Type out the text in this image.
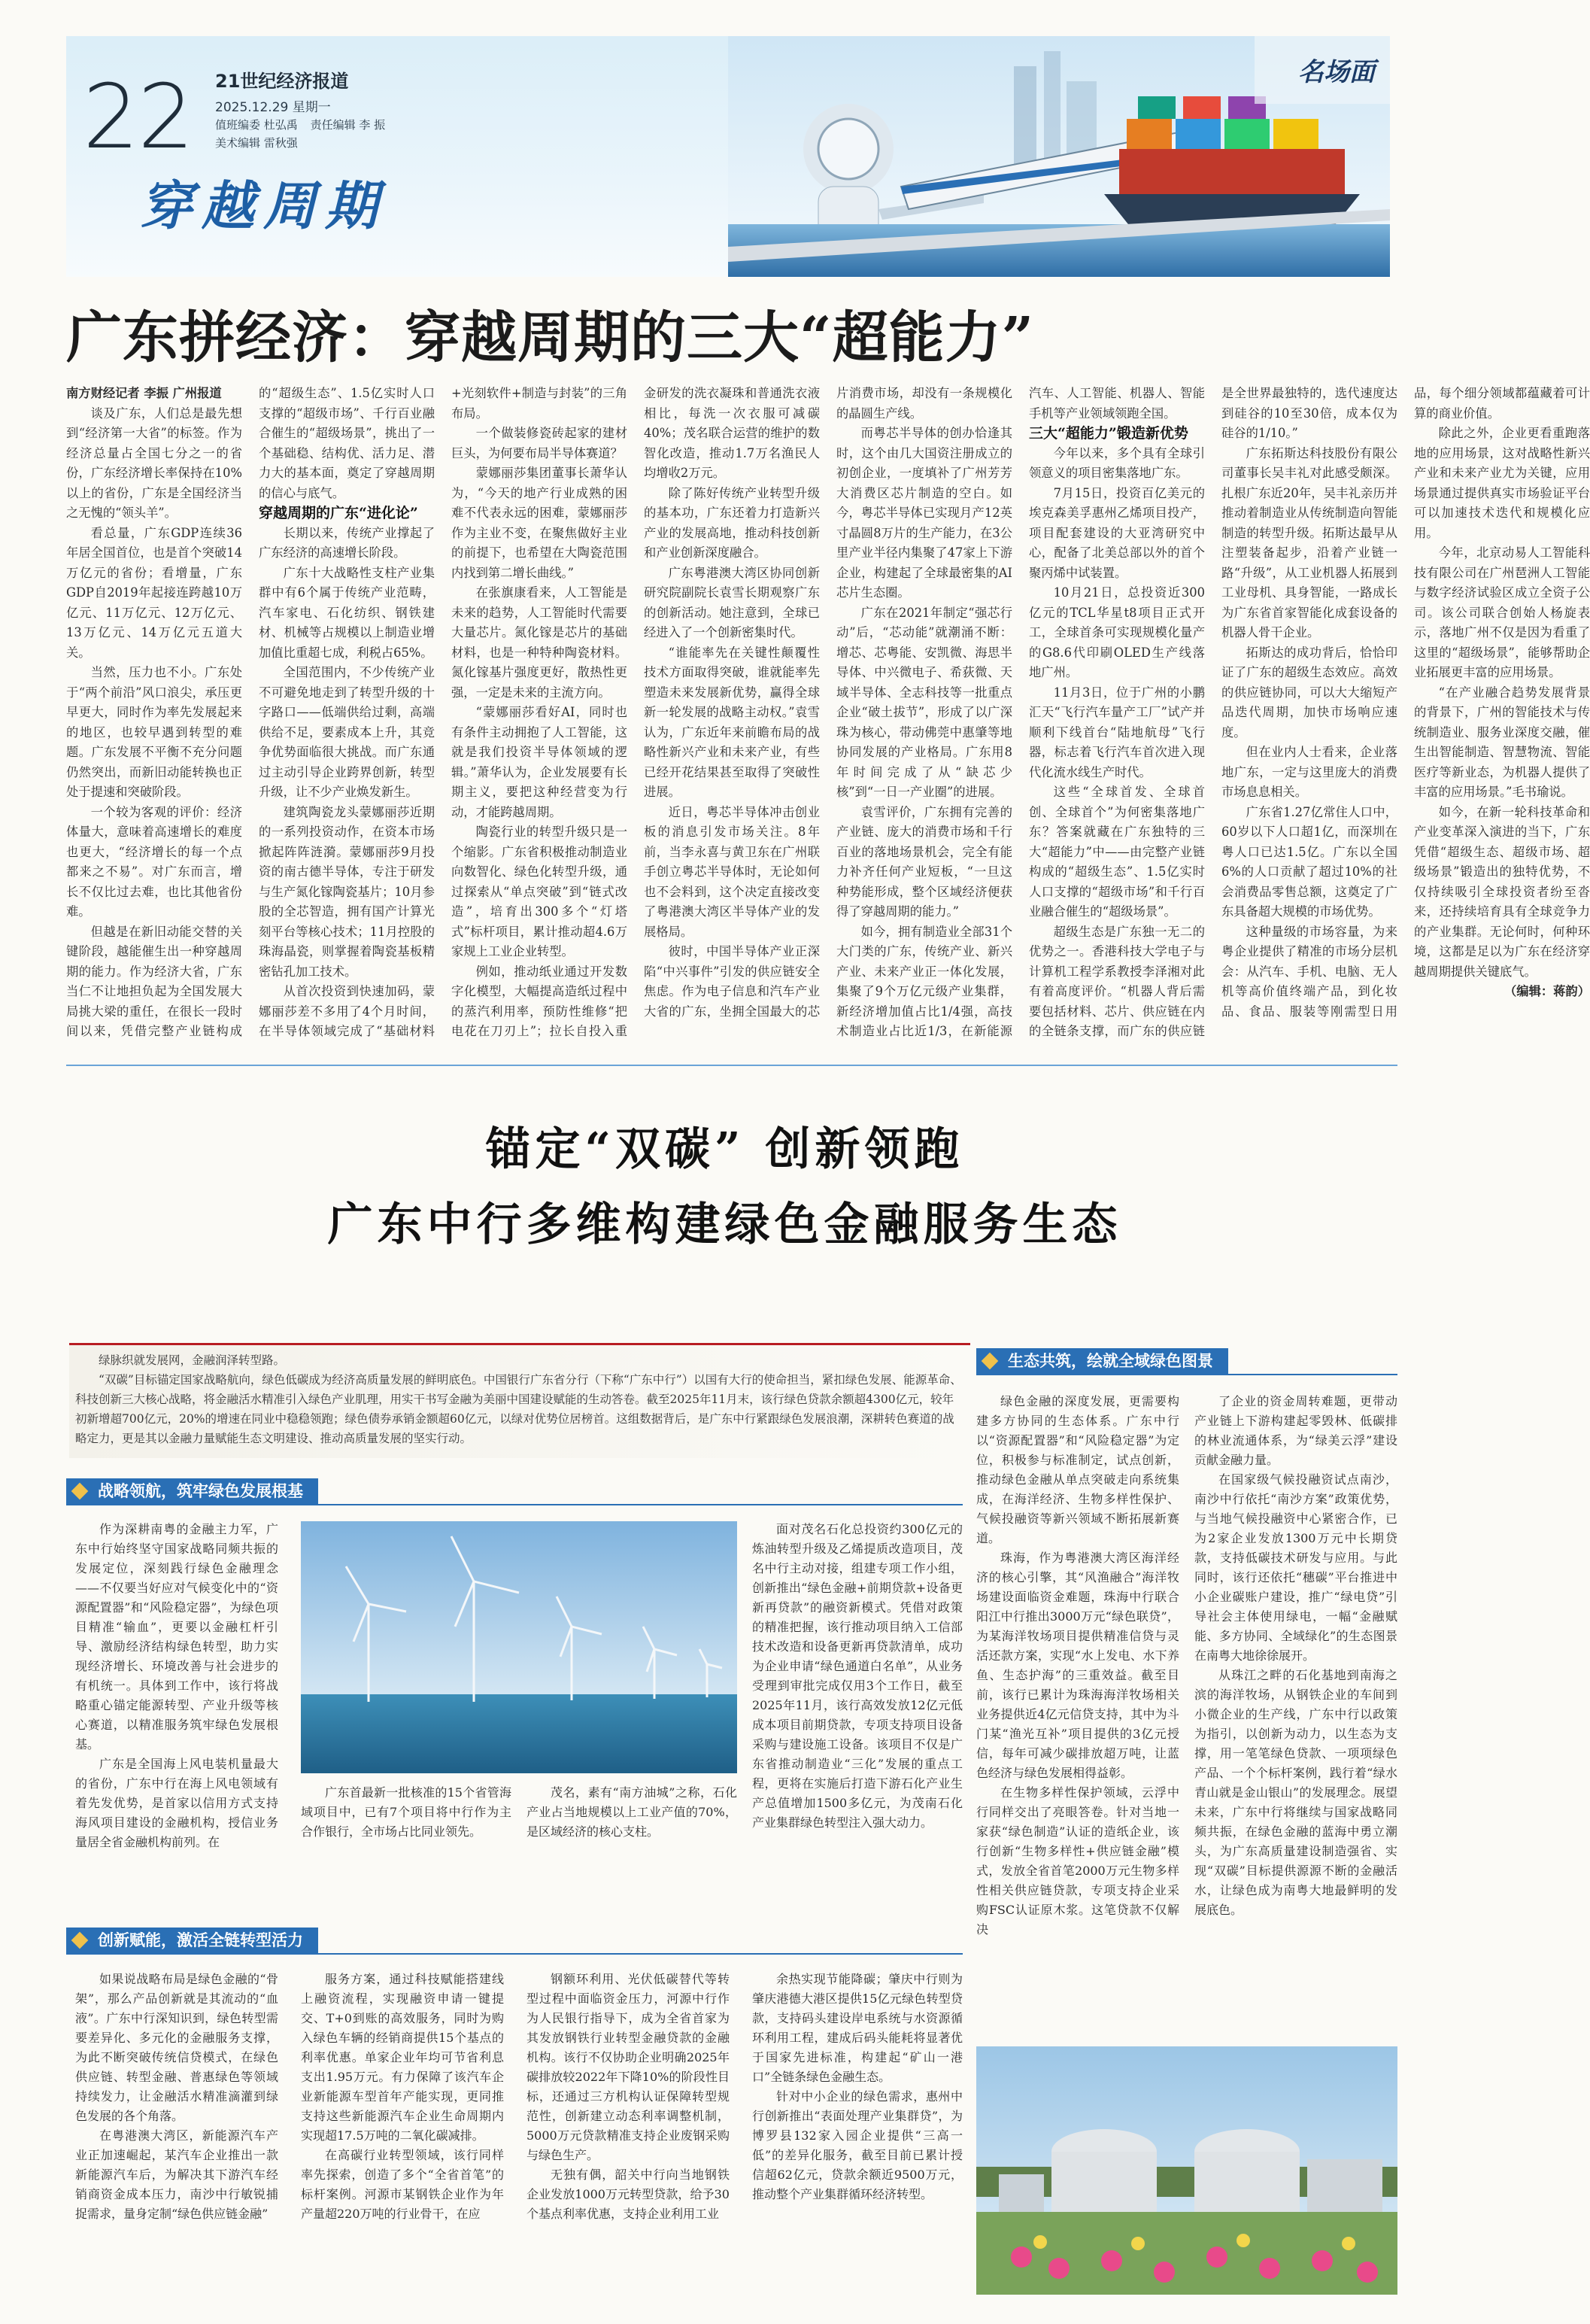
22 21世纪经济报道
2025.12.29 星期一
值班编委 杜弘禹 责任编辑 李 振
美术编辑 雷秋强
穿越周期
名场面
广东拼经济：穿越周期的三大“超能力”

南方财经记者 李振 广州报道

谈及广东，人们总是最先想到“经济第一大省”的标签。作为经济总量占全国七分之一的省份，广东经济增长率保持在10%以上的省份，广东是全国经济当之无愧的“领头羊”。

看总量，广东GDP连续36年居全国首位，也是首个突破14万亿元的省份；看增量，广东GDP自2019年起接连跨越10万亿元、11万亿元、12万亿元、13万亿元、14万亿元五道大关。

当然，压力也不小。广东处于“两个前沿”风口浪尖，承压更早更大，同时作为率先发展起来的地区，也较早遇到转型的难题。广东发展不平衡不充分问题仍然突出，而新旧动能转换也正处于提速和突破阶段。

一个较为客观的评价：经济体量大，意味着高速增长的难度也更大，“经济增长的每一个点都来之不易”。对广东而言，增长不仅比过去难，也比其他省份难。

但越是在新旧动能交替的关键阶段，越能催生出一种穿越周期的能力。作为经济大省，广东当仁不让地担负起为全国发展大局挑大梁的重任，在很长一段时间以来，凭借完整产业链构成的“超级生态”、1.5亿实时人口支撑的“超级市场”、千行百业融合催生的“超级场景”，挑出了一个基础稳、结构优、活力足、潜力大的基本面，奠定了穿越周期的信心与底气。

穿越周期的广东“进化论”

长期以来，传统产业撑起了广东经济的高速增长阶段。

广东十大战略性支柱产业集群中有6个属于传统产业范畴，汽车家电、石化纺织、钢铁建材、机械等占规模以上制造业增加值比重超七成，利税占65%。

全国范围内，不少传统产业不可避免地走到了转型升级的十字路口——低端供给过剩，高端供给不足，要素成本上升，其竞争优势面临很大挑战。而广东通过主动引导企业跨界创新，转型升级，让不少产业焕发新生。

建筑陶瓷龙头蒙娜丽莎近期的一系列投资动作，在资本市场掀起阵阵涟漪。蒙娜丽莎9月投资的南古德半导体，专注于研发与生产氮化镓陶瓷基片；10月参股的全芯智造，拥有国产计算光刻平台等核心技术；11月控股的珠海晶瓷，则掌握着陶瓷基板精密钻孔加工技术。

从首次投资到快速加码，蒙娜丽莎差不多用了4个月时间，在半导体领域完成了“基础材料+光刻软件+制造与封装”的三角布局。

一个做装修瓷砖起家的建材巨头，为何要布局半导体赛道？

蒙娜丽莎集团董事长萧华认为，“今天的地产行业成熟的困难不代表永远的困难，蒙娜丽莎作为主业不变，在聚焦做好主业的前提下，也希望在大陶瓷范围内找到第二增长曲线。”

在张旗康看来，人工智能是未来的趋势，人工智能时代需要大量芯片。氮化镓是芯片的基础材料，也是一种特种陶瓷材料。氮化镓基片强度更好，散热性更强，一定是未来的主流方向。

“蒙娜丽莎看好AI，同时也有条件主动拥抱了人工智能，这就是我们投资半导体领域的逻辑。”萧华认为，企业发展要有长期主义，要把这种经营变为行动，才能跨越周期。

陶瓷行业的转型升级只是一个缩影。广东省积极推动制造业向数智化、绿色化转型升级，通过探索从“单点突破”到“链式改造”，培育出300多个“灯塔式”标杆项目，累计推动超4.6万家规上工业企业转型。

例如，推动纸业通过开发数字化模型，大幅提高造纸过程中的蒸汽利用率，预防性维修“把电花在刀刃上”；拉长自投入重金研发的洗衣凝珠和普通洗衣液相比，每洗一次衣服可减碳40%；茂名联合运营的维护的数智化改造，推动1.7万名渔民人均增收2万元。

除了陈好传统产业转型升级的基本功，广东还着力打造新兴产业的发展高地，推动科技创新和产业创新深度融合。

广东粤港澳大湾区协同创新研究院副院长袁雪长期观察广东的创新活动。她注意到，全球已经进入了一个创新密集时代。

“谁能率先在关键性颠覆性技术方面取得突破，谁就能率先塑造未来发展新优势，赢得全球新一轮发展的战略主动权。”袁雪认为，广东近年来前瞻布局的战略性新兴产业和未来产业，有些已经开花结果甚至取得了突破性进展。

近日，粤芯半导体冲击创业板的消息引发市场关注。8年前，当李永喜与黄卫东在广州联手创立粤芯半导体时，无论如何也不会料到，这个决定直接改变了粤港澳大湾区半导体产业的发展格局。

彼时，中国半导体产业正深陷“中兴事件”引发的供应链安全焦虑。作为电子信息和汽车产业大省的广东，坐拥全国最大的芯片消费市场，却没有一条规模化的晶圆生产线。

而粤芯半导体的创办恰逢其时，这个由几大国资注册成立的初创企业，一度填补了广州芳芳大消费区芯片制造的空白。如今，粤芯半导体已实现月产12英寸晶圆8万片的生产能力，在3公里产业半径内集聚了47家上下游企业，构建起了全球最密集的AI芯片生态圈。

广东在2021年制定“强芯行动”后，“芯动能”就潮涌不断：增芯、芯粤能、安凯微、海思半导体、中兴微电子、希荻微、天域半导体、全志科技等一批重点企业“破土拔节”，形成了以广深珠为核心，带动佛莞中惠肇等地协同发展的产业格局。广东用8年时间完成了从“缺芯少核”到“一日一产业圈”的进展。

袁雪评价，广东拥有完善的产业链、庞大的消费市场和千行百业的落地场景机会，完全有能力补齐任何产业短板，“一旦这种势能形成，整个区域经济便获得了穿越周期的能力。”

如今，拥有制造业全部31个大门类的广东，传统产业、新兴产业、未来产业正一体化发展，集聚了9个万亿元级产业集群，新经济增加值占比1/4强，高技术制造业占比近1/3，在新能源汽车、人工智能、机器人、智能手机等产业领域领跑全国。

三大“超能力”锻造新优势

今年以来，多个具有全球引领意义的项目密集落地广东。

7月15日，投资百亿美元的埃克森美孚惠州乙烯项目投产，项目配套建设的大亚湾研究中心，配备了北美总部以外的首个聚丙烯中试装置。

10月21日，总投资近300亿元的TCL华星t8项目正式开工，全球首条可实现规模化量产的G8.6代印刷OLED生产线落地广州。

11月3日，位于广州的小鹏汇天“飞行汽车量产工厂”试产并顺利下线首台“陆地航母”飞行器，标志着飞行汽车首次进入现代化流水线生产时代。

这些“全球首发、全球首创、全球首个”为何密集落地广东？答案就藏在广东独特的三大“超能力”中——由完整产业链构成的“超级生态”、1.5亿实时人口支撑的“超级市场”和千行百业融合催生的“超级场景”。

超级生态是广东独一无二的优势之一。香港科技大学电子与计算机工程学系教授李泽湘对此有着高度评价。“机器人背后需要包括材料、芯片、供应链在内的全链条支撑，而广东的供应链是全世界最独特的，选代速度达到硅谷的10至30倍，成本仅为硅谷的1/10。”

广东拓斯达科技股份有限公司董事长吴丰礼对此感受颇深。扎根广东近20年，吴丰礼亲历并推动着制造业从传统制造向智能制造的转型升级。拓斯达最早从注塑装备起步，沿着产业链一路“升级”，从工业机器人拓展到工业母机、具身智能，一路成长为广东省首家智能化成套设备的机器人骨干企业。

拓斯达的成功背后，恰恰印证了广东的超级生态效应。高效的供应链协同，可以大大缩短产品迭代周期，加快市场响应速度。

但在业内人士看来，企业落地广东，一定与这里庞大的消费市场息息相关。

广东省1.27亿常住人口中，60岁以下人口超1亿，而深圳在粤人口已达1.5亿。广东以全国6%的人口贡献了超过10%的社会消费品零售总额，这奠定了广东具备超大规模的市场优势。

这种量级的市场容量，为来粤企业提供了精准的市场分层机会：从汽车、手机、电脑、无人机等高价值终端产品，到化妆品、食品、服装等刚需型日用品，每个细分领域都蕴藏着可计算的商业价值。

除此之外，企业更看重跑落地的应用场景，这对战略性新兴产业和未来产业尤为关键，应用场景通过提供真实市场验证平台可以加速技术迭代和规模化应用。

今年，北京动易人工智能科技有限公司在广州琶洲人工智能与数字经济试验区成立全资子公司。该公司联合创始人杨旋表示，落地广州不仅是因为看重了这里的“超级场景”，能够帮助企业拓展更丰富的应用场景。

“在产业融合趋势发展背景的背景下，广州的智能技术与传统制造业、服务业深度交融，催生出智能制造、智慧物流、智能医疗等新业态，为机器人提供了丰富的应用场景。”毛书瑜说。

如今，在新一轮科技革命和产业变革深入演进的当下，广东凭借“超级生态、超级市场、超级场景”锻造出的独特优势，不仅持续吸引全球投资者纷至沓来，还持续培育具有全球竞争力的产业集群。无论何时，何种环境，这都是足以为广东在经济穿越周期提供关键底气。

（编辑：蒋韵）

锚定“双碳” 创新领跑
广东中行多维构建绿色金融服务生态

绿脉织就发展网，金融润泽转型路。

“双碳”目标锚定国家战略航向，绿色低碳成为经济高质量发展的鲜明底色。中国银行广东省分行（下称“广东中行”）以国有大行的使命担当，紧扣绿色发展、能源革命、科技创新三大核心战略，将金融活水精准引入绿色产业肌理，用实干书写金融为美丽中国建设赋能的生动答卷。截至2025年11月末，该行绿色贷款余额超4300亿元，较年初新增超700亿元，20%的增速在同业中稳稳领跑；绿色债券承销金额超60亿元，以绿对优势位居榜首。这组数据背后，是广东中行紧跟绿色发展浪潮，深耕转色赛道的战略定力，更是其以金融力量赋能生态文明建设、推动高质量发展的坚实行动。

生态共筑，绘就全域绿色图景

绿色金融的深度发展，更需要构建多方协同的生态体系。广东中行以“资源配置器”和“风险稳定器”为定位，积极参与标准制定，试点创新，推动绿色金融从单点突破走向系统集成，在海洋经济、生物多样性保护、气候投融资等新兴领域不断拓展新赛道。

珠海，作为粤港澳大湾区海洋经济的核心引擎，其“风渔融合”海洋牧场建设面临资金难题，珠海中行联合阳江中行推出3000万元“绿色联贷”，为某海洋牧场项目提供精准信贷与灵活还款方案，实现“水上发电、水下养鱼、生态护海”的三重效益。截至目前，该行已累计为珠海海洋牧场相关业务提供近4亿元信贷支持，其中为斗门某“渔光互补”项目提供的3亿元授信，每年可减少碳排放超万吨，让蓝色经济与绿色发展相得益彰。

在生物多样性保护领域，云浮中行同样交出了亮眼答卷。针对当地一家获“绿色制造”认证的造纸企业，该行创新“生物多样性+供应链金融”模式，发放全省首笔2000万元生物多样性相关供应链贷款，专项支持企业采购FSC认证原木浆。这笔贷款不仅解决

了企业的资金周转难题，更带动产业链上下游构建起零毁林、低碳排的林业流通体系，为“绿美云浮”建设贡献金融力量。

在国家级气候投融资试点南沙，南沙中行依托“南沙方案”政策优势，与当地气候投融资中心紧密合作，已为2家企业发放1300万元中长期贷款，支持低碳技术研发与应用。与此同时，该行还依托“穗碳”平台推进中小企业碳账户建设，推广“绿电贷”引导社会主体使用绿电，一幅“金融赋能、多方协同、全域绿化”的生态图景在南粤大地徐徐展开。

从珠江之畔的石化基地到南海之滨的海洋牧场，从钢铁企业的车间到小微企业的生产线，广东中行以政策为指引，以创新为动力，以生态为支撑，用一笔笔绿色贷款、一项项绿色产品、一个个标杆案例，践行着“绿水青山就是金山银山”的发展理念。展望未来，广东中行将继续与国家战略同频共振，在绿色金融的蓝海中勇立潮头，为广东高质量建设制造强省、实现“双碳”目标提供源源不断的金融活水，让绿色成为南粤大地最鲜明的发展底色。

战略领航，筑牢绿色发展根基

作为深耕南粤的金融主力军，广东中行始终坚守国家战略同频共振的发展定位，深刻践行绿色金融理念——不仅要当好应对气候变化中的“资源配置器”和“风险稳定器”，为绿色项目精准“输血”，更要以金融杠杆引导、激励经济结构绿色转型，助力实现经济增长、环境改善与社会进步的有机统一。具体到工作中，该行将战略重心锚定能源转型、产业升级等核心赛道，以精准服务筑牢绿色发展根基。

广东是全国海上风电装机量最大的省份，广东中行在海上风电领域有着先发优势，是首家以信用方式支持海风项目建设的金融机构，授信业务量居全省金融机构前列。在

广东首最新一批核准的15个省管海域项目中，已有7个项目将中行作为主合作银行，全市场占比同业领先。

茂名，素有“南方油城”之称，石化产业占当地规模以上工业产值的70%，是区域经济的核心支柱。

面对茂名石化总投资约300亿元的炼油转型升级及乙烯提质改造项目，茂名中行主动对接，组建专项工作小组，创新推出“绿色金融+前期贷款+设备更新再贷款”的融资新模式。凭借对政策的精准把握，该行推动项目纳入工信部技术改造和设备更新再贷款清单，成功为企业申请“绿色通道白名单”，从业务受理到审批完成仅用3个工作日，截至2025年11月，该行高效发放12亿元低成本项目前期贷款，专项支持项目设备采购与建设施工设备。该项目不仅是广东省推动制造业“三化”发展的重点工程，更将在实施后打造下游石化产业生产总值增加1500多亿元，为茂南石化产业集群绿色转型注入强大动力。

创新赋能，激活全链转型活力

如果说战略布局是绿色金融的“骨架”，那么产品创新就是其流动的“血液”。广东中行深知识到，绿色转型需要差异化、多元化的金融服务支撑，为此不断突破传统信贷模式，在绿色供应链、转型金融、普惠绿色等领域持续发力，让金融活水精准滴灌到绿色发展的各个角落。

在粤港澳大湾区，新能源汽车产业正加速崛起，某汽车企业推出一款新能源汽车后，为解决其下游汽车经销商资金成本压力，南沙中行敏锐捕捉需求，量身定制“绿色供应链金融”

服务方案，通过科技赋能搭建线上融资流程，实现融资申请一键提交、T+0到账的高效服务，同时为购入绿色车辆的经销商提供15个基点的利率优惠。单家企业年均可节省利息支出1.95万元。有力保障了该汽车企业新能源车型首年产能实现，更同推支持这些新能源汽车企业生命周期内实现超17.5万吨的二氧化碳减排。

在高碳行业转型领域，该行同样率先探索，创造了多个“全省首笔”的标杆案例。河源市某钢铁企业作为年产量超220万吨的行业骨干，在应

钢额环利用、光伏低碳替代等转型过程中面临资金压力，河源中行作为人民银行指导下，成为全省首家为其发放钢铁行业转型金融贷款的金融机构。该行不仅协助企业明确2025年碳排放较2022年下降10%的阶段性目标，还通过三方机构认证保障转型规范性，创新建立动态利率调整机制，5000万元贷款精准支持企业废钢采购与绿色生产。

无独有偶，韶关中行向当地钢铁企业发放1000万元转型贷款，给予30个基点利率优惠，支持企业利用工业

余热实现节能降碳；肇庆中行则为肇庆港德大港区提供15亿元绿色转型贷款，支持码头建设岸电系统与水资源循环利用工程，建成后码头能耗将显著优于国家先进标准，构建起“矿山一港口”全链条绿色金融生态。

针对中小企业的绿色需求，惠州中行创新推出“表面处理产业集群贷”，为博罗县132家入园企业提供“三高一低”的差异化服务，截至目前已累计授信超62亿元，贷款余额近9500万元，推动整个产业集群循环经济转型。
